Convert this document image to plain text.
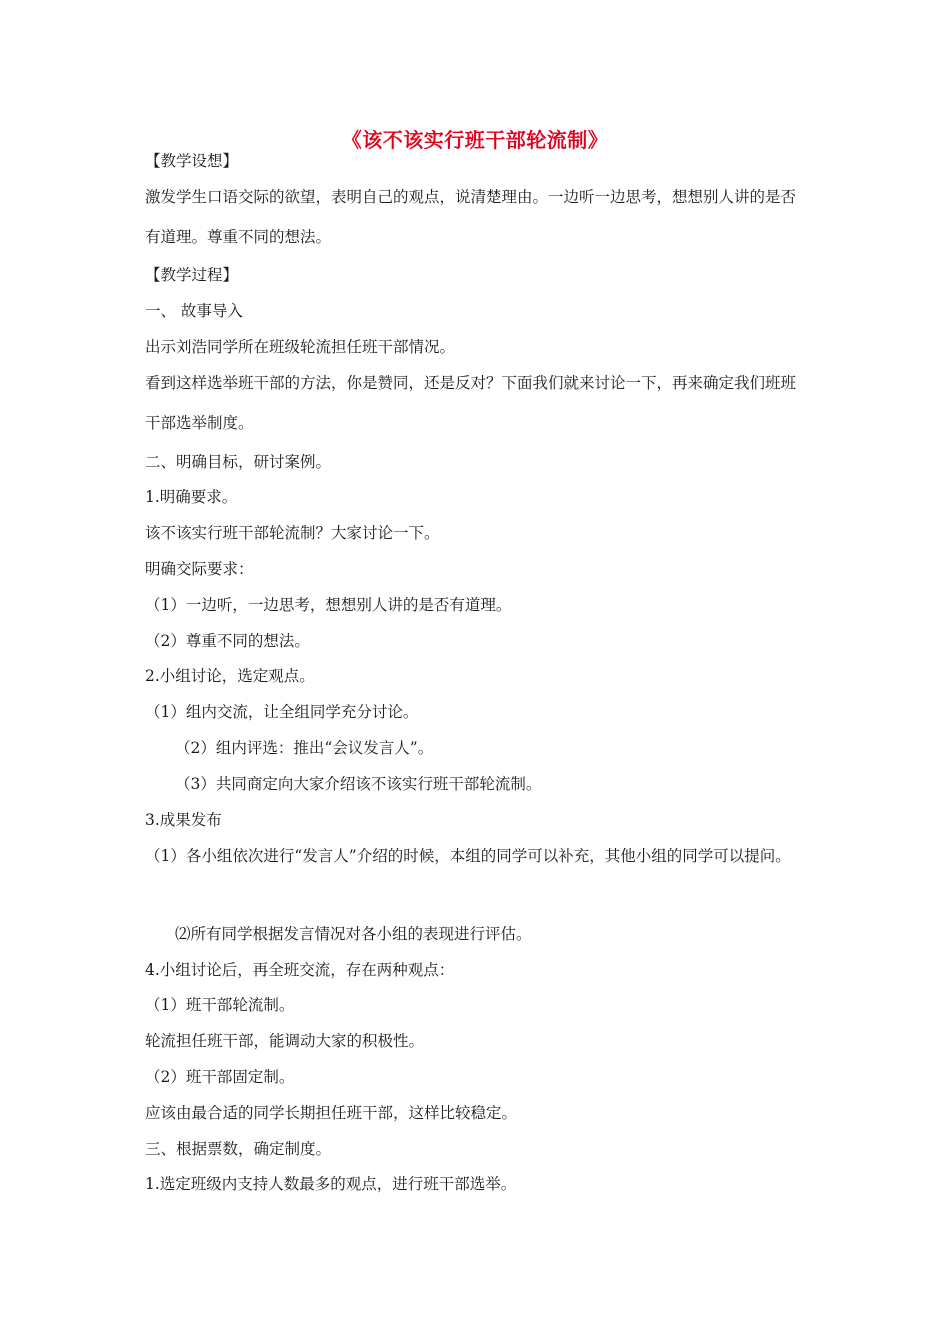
《该不该实行班干部轮流制》
【教学设想】
激发学生口语交际的欲望，表明自己的观点，说清楚理由。一边听一边思考，想想别人讲的是否有道理。尊重不同的想法。
【教学过程】
一、 故事导入
出示刘浩同学所在班级轮流担任班干部情况。
看到这样选举班干部的方法，你是赞同，还是反对？下面我们就来讨论一下，再来确定我们班班干部选举制度。
二、明确目标，研讨案例。
1.明确要求。
该不该实行班干部轮流制？大家讨论一下。
明确交际要求：
（1）一边听，一边思考，想想别人讲的是否有道理。
（2）尊重不同的想法。
2.小组讨论，选定观点。
（1）组内交流，让全组同学充分讨论。
（2）组内评选：推出“会议发言人”。
（3）共同商定向大家介绍该不该实行班干部轮流制。
3.成果发布
（1）各小组依次进行“发言人”介绍的时候，本组的同学可以补充，其他小组的同学可以提问。
⑵所有同学根据发言情况对各小组的表现进行评估。
4.小组讨论后，再全班交流，存在两种观点：
（1）班干部轮流制。
轮流担任班干部，能调动大家的积极性。
（2）班干部固定制。
应该由最合适的同学长期担任班干部，这样比较稳定。
三、根据票数，确定制度。
1.选定班级内支持人数最多的观点，进行班干部选举。
